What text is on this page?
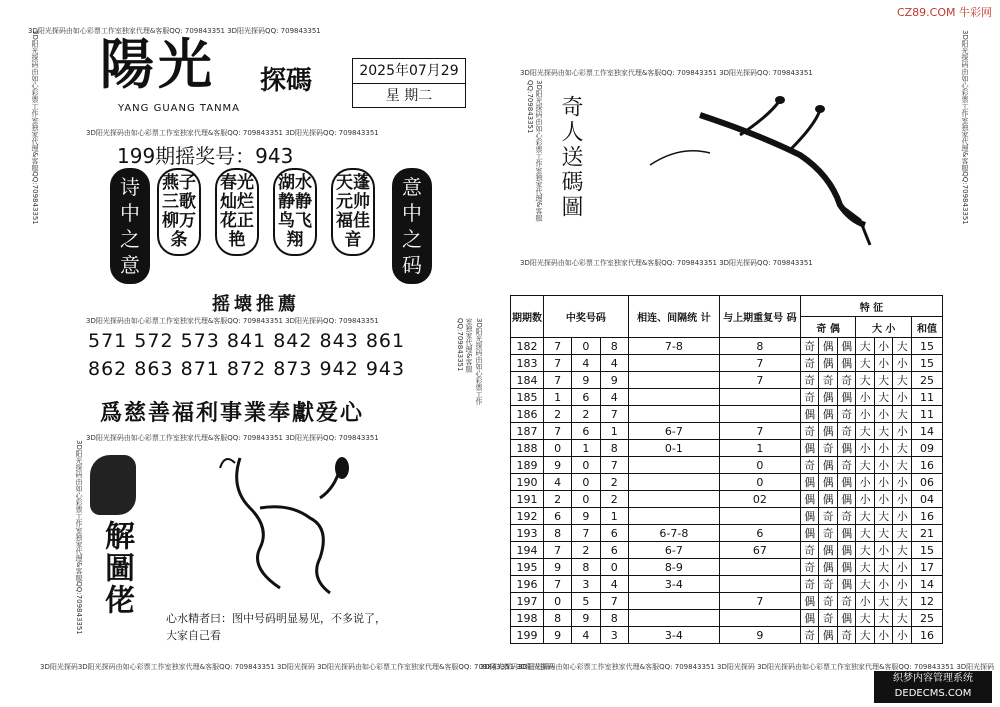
CZ89.COM 牛彩网
3D阳光探码由如心彩票工作室独家代理&客服QQ: 709843351 3D阳光探码QQ: 709843351
3D阳光探码由如心彩票工作室独家代理&客服QQ: 709843351 3D阳光探码QQ: 709843351
3D阳光探码由如心彩票工作室独家代理&客服QQ: 709843351 3D阳光探码QQ: 709843351
3D阳光探码由如心彩票工作室独家代理&客服QQ: 709843351 3D阳光探码QQ: 709843351
3D阳光探码由如心彩票工作室独家代理&客服QQ: 709843351 3D阳光探码QQ: 709843351
3D阳光探码由如心彩票工作室独家代理&客服QQ: 709843351 3D阳光探码QQ: 709843351
3D阳光探码3D阳光探码由如心彩票工作室独家代理&客服QQ: 709843351 3D阳光探码 3D阳光探码由如心彩票工作室独家代理&客服QQ: 709843351 3D阳光探码
3D阳光探码3D阳光探码由如心彩票工作室独家代理&客服QQ: 709843351 3D阳光探码 3D阳光探码由如心彩票工作室独家代理&客服QQ: 709843351 3D阳光探码
3D阳光探码由如心彩票工作室独家代理&客服QQ:709843351	3D阳光探码由如心彩票工作室独家代理&客服QQ:709843351
3D阳光探码由如心彩票工作室独家代理&客服QQ:709843351
3D阳光探码由如心彩票工作室独家代理&客服QQ:709843351
3D阳光探码由如心彩票工作室独家代理&客服QQ:709843351
陽光 探碼
YANG GUANG TANMA
2025年07月29
星 期二
199期摇奖号：943
诗中之意
燕子三歌柳万条
春光灿烂花正艳
湖水静静鸟飞翔
天蓬元帅福佳音
意中之码
摇壊推薦
571 572 573 841 842 843 861
862 863 871 872 873 942 943
爲慈善福利事業奉獻爱心
解圖佬
心水精者曰：图中号码明显易见，不多说了，
大家自己看
奇人送碼圖
期期数	中奖号码			相连、间隔统 计	与上期重复号 码	特 征						
						奇 偶			大 小			和值
182	7	0	8	7-8	8	奇	偶	偶	大	小	大	15
183	7	4	4		7	奇	偶	偶	大	小	小	15
184	7	9	9		7	奇	奇	奇	大	大	大	25
185	1	6	4			奇	偶	偶	小	大	小	11
186	2	2	7			偶	偶	奇	小	小	大	11
187	7	6	1	6-7	7	奇	偶	奇	大	大	小	14
188	0	1	8	0-1	1	偶	奇	偶	小	小	大	09
189	9	0	7		0	奇	偶	奇	大	小	大	16
190	4	0	2		0	偶	偶	偶	小	小	小	06
191	2	0	2		02	偶	偶	偶	小	小	小	04
192	6	9	1			偶	奇	奇	大	大	小	16
193	8	7	6	6-7-8	6	偶	奇	偶	大	大	大	21
194	7	2	6	6-7	67	奇	偶	偶	大	小	大	15
195	9	8	0	8-9		奇	偶	偶	大	大	小	17
196	7	3	4	3-4		奇	奇	偶	大	小	小	14
197	0	5	7		7	偶	奇	奇	小	大	大	12
198	8	9	8			偶	奇	偶	大	大	大	25
199	9	4	3	3-4	9	奇	偶	奇	大	小	小	16
织梦内容管理系统
DEDECMS.COM
